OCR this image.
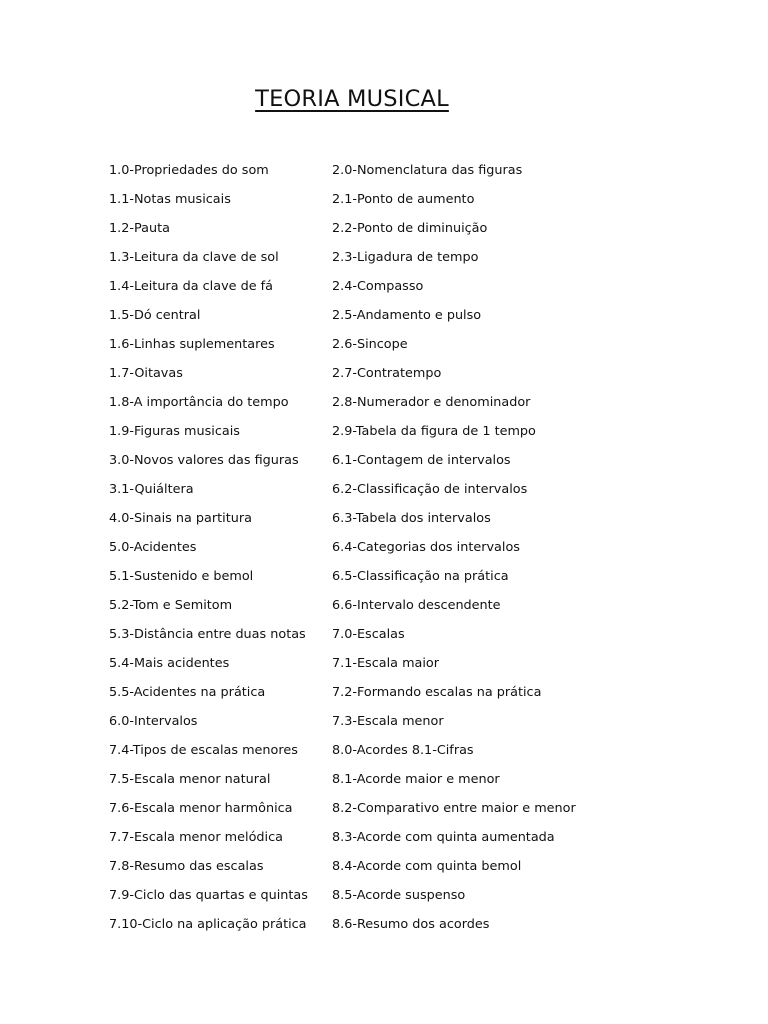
TEORIA MUSICAL
1.0-Propriedades do som	2.0-Nomenclatura das figuras
1.1-Notas musicais	2.1-Ponto de aumento
1.2-Pauta	2.2-Ponto de diminuição
1.3-Leitura da clave de sol	2.3-Ligadura de tempo
1.4-Leitura da clave de fá	2.4-Compasso
1.5-Dó central	2.5-Andamento e pulso
1.6-Linhas suplementares	2.6-Sincope
1.7-Oitavas	2.7-Contratempo
1.8-A importância do tempo	2.8-Numerador e denominador
1.9-Figuras musicais	2.9-Tabela da figura de 1 tempo
3.0-Novos valores das figuras	6.1-Contagem de intervalos
3.1-Quiáltera	6.2-Classificação de intervalos
4.0-Sinais na partitura	6.3-Tabela dos intervalos
5.0-Acidentes	6.4-Categorias dos intervalos
5.1-Sustenido e bemol	6.5-Classificação na prática
5.2-Tom e Semitom	6.6-Intervalo descendente
5.3-Distância entre duas notas 7.0-Escalas
5.4-Mais acidentes	7.1-Escala maior
5.5-Acidentes na prática	7.2-Formando escalas na prática
6.0-Intervalos	7.3-Escala menor
7.4-Tipos de escalas menores	8.0-Acordes 8.1-Cifras
7.5-Escala menor natural	8.1-Acorde maior e menor
7.6-Escala menor harmônica	8.2-Comparativo entre maior e menor
7.7-Escala menor melódica	8.3-Acorde com quinta aumentada
7.8-Resumo das escalas	8.4-Acorde com quinta bemol
7.9-Ciclo das quartas e quintas 8.5-Acorde suspenso
7.10-Ciclo na aplicação prática 8.6-Resumo dos acordes
